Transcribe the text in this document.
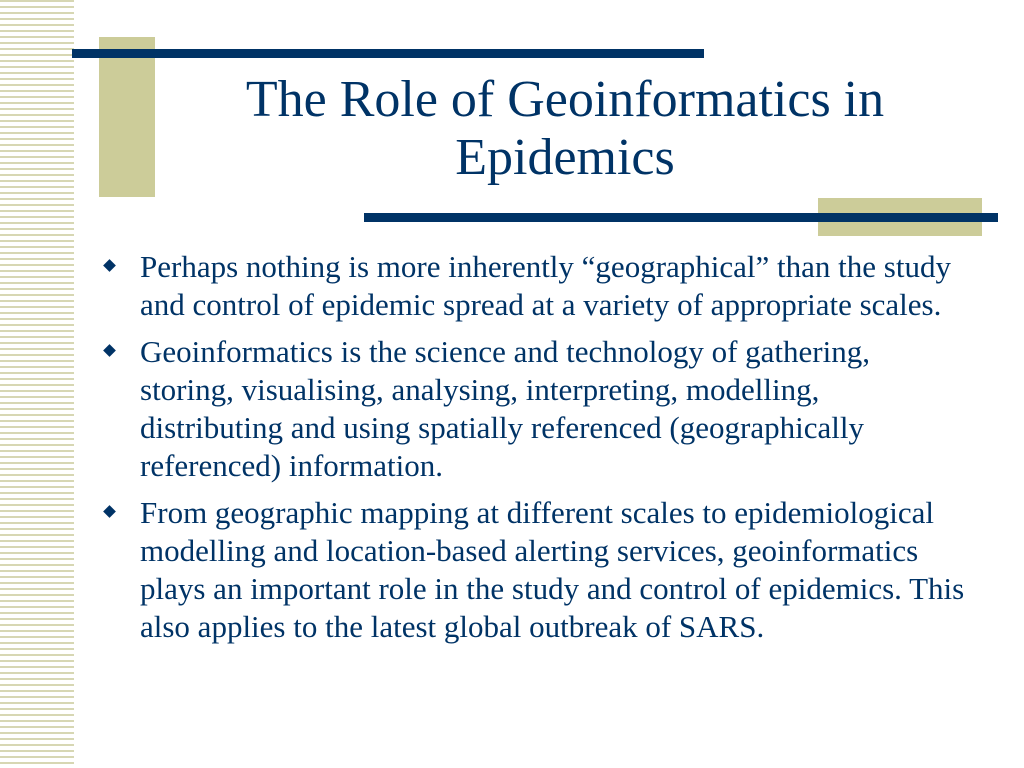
The Role of Geoinformatics in Epidemics
Perhaps nothing is more inherently “geographical” than the study and control of epidemic spread at a variety of appropriate scales.
Geoinformatics is the science and technology of gathering, storing, visualising, analysing, interpreting, modelling, distributing and using spatially referenced (geographically referenced) information.
From geographic mapping at different scales to epidemiological modelling and location-based alerting services, geoinformatics plays an important role in the study and control of epidemics. This also applies to the latest global outbreak of SARS.
